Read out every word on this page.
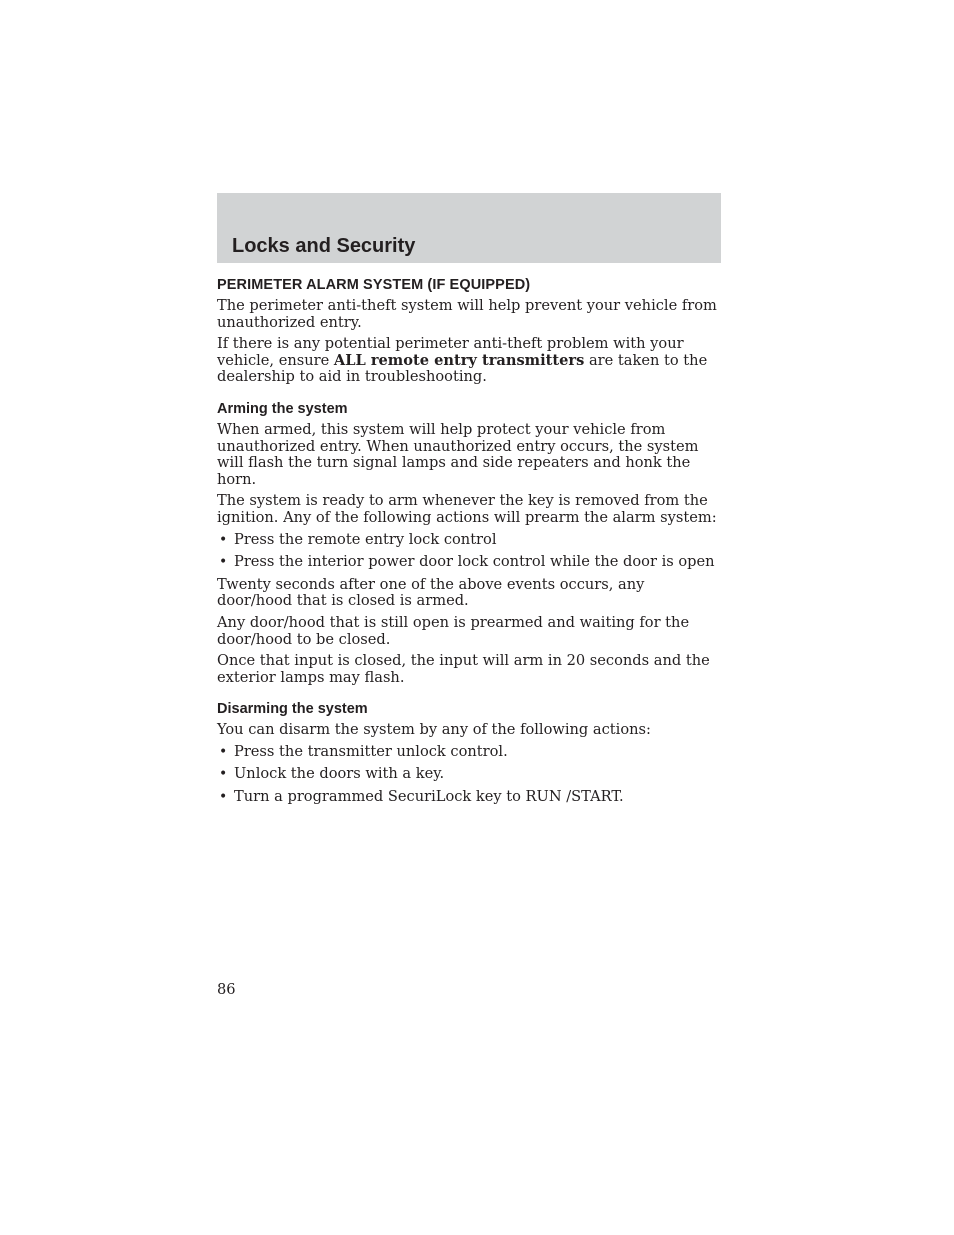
Locks and Security
PERIMETER ALARM SYSTEM (IF EQUIPPED)

The perimeter anti-theft system will help prevent your vehicle from unauthorized entry.

If there is any potential perimeter anti-theft problem with your vehicle, ensure ALL remote entry transmitters are taken to the dealership to aid in troubleshooting.

Arming the system

When armed, this system will help protect your vehicle from unauthorized entry. When unauthorized entry occurs, the system will flash the turn signal lamps and side repeaters and honk the horn.

The system is ready to arm whenever the key is removed from the ignition. Any of the following actions will prearm the alarm system:

• Press the remote entry lock control
• Press the interior power door lock control while the door is open

Twenty seconds after one of the above events occurs, any door/hood that is closed is armed.

Any door/hood that is still open is prearmed and waiting for the door/hood to be closed.

Once that input is closed, the input will arm in 20 seconds and the exterior lamps may flash.

Disarming the system

You can disarm the system by any of the following actions:

• Press the transmitter unlock control.
• Unlock the doors with a key.
• Turn a programmed SecuriLock key to RUN /START.
86
